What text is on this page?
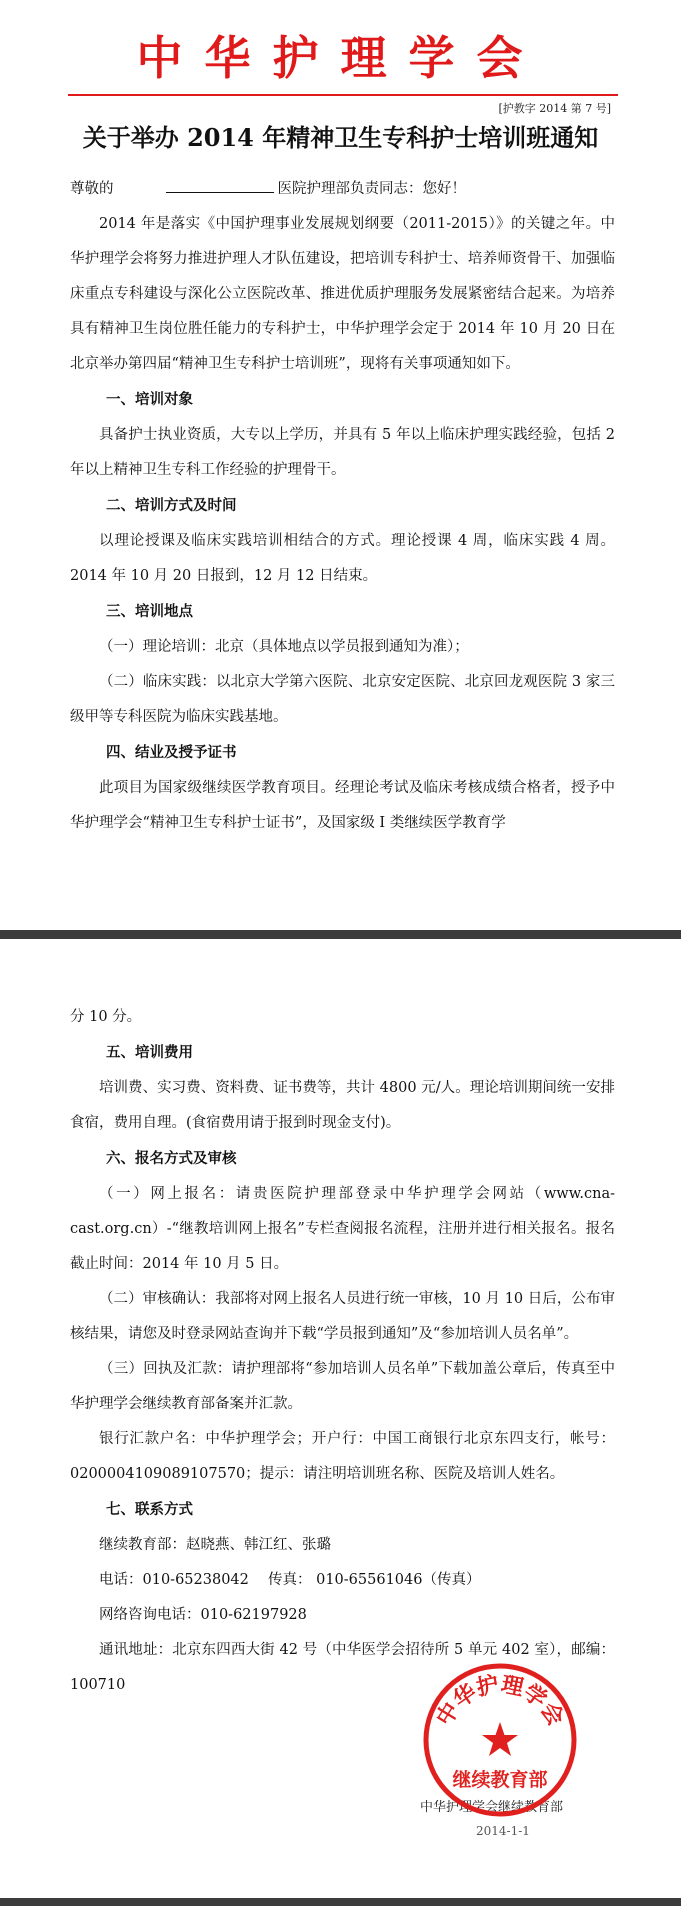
中华护理学会
[护教字 2014 第 7 号]
关于举办 2014 年精神卫生专科护士培训班通知

尊敬的	医院护理部负责同志：您好！

2014 年是落实《中国护理事业发展规划纲要（2011-2015）》的关键之年。中华护理学会将努力推进护理人才队伍建设，把培训专科护士、培养师资骨干、加强临床重点专科建设与深化公立医院改革、推进优质护理服务发展紧密结合起来。为培养具有精神卫生岗位胜任能力的专科护士，中华护理学会定于 2014 年 10 月 20 日在北京举办第四届“精神卫生专科护士培训班”，现将有关事项通知如下。

一、培训对象

具备护士执业资质，大专以上学历，并具有 5 年以上临床护理实践经验，包括 2 年以上精神卫生专科工作经验的护理骨干。

二、培训方式及时间

以理论授课及临床实践培训相结合的方式。理论授课 4 周，临床实践 4 周。2014 年 10 月 20 日报到，12 月 12 日结束。

三、培训地点

（一）理论培训：北京（具体地点以学员报到通知为准）；

（二）临床实践：以北京大学第六医院、北京安定医院、北京回龙观医院 3 家三级甲等专科医院为临床实践基地。

四、结业及授予证书

此项目为国家级继续医学教育项目。经理论考试及临床考核成绩合格者，授予中华护理学会“精神卫生专科护士证书”，及国家级 I 类继续医学教育学

分 10 分。

五、培训费用

培训费、实习费、资料费、证书费等，共计 4800 元/人。理论培训期间统一安排食宿，费用自理。(食宿费用请于报到时现金支付)。

六、报名方式及审核

（一）网上报名：请贵医院护理部登录中华护理学会网站（www.cna-cast.org.cn）-“继教培训网上报名”专栏查阅报名流程，注册并进行相关报名。报名截止时间：2014 年 10 月 5 日。

（二）审核确认：我部将对网上报名人员进行统一审核，10 月 10 日后，公布审核结果，请您及时登录网站查询并下载“学员报到通知”及“参加培训人员名单”。

（三）回执及汇款：请护理部将“参加培训人员名单”下载加盖公章后，传真至中华护理学会继续教育部备案并汇款。

银行汇款户名：中华护理学会；开户行：中国工商银行北京东四支行，帐号：0200004109089107570；提示：请注明培训班名称、医院及培训人姓名。

七、联系方式

继续教育部：赵晓燕、韩江红、张璐

电话：010-65238042　 传真： 010-65561046（传真）

网络咨询电话：010-62197928

通讯地址：北京东四西大街 42 号（中华医学会招待所 5 单元 402 室），邮编：100710

中华护理学会继续教育部
2014-1-1
中华护理学会
继续教育部
